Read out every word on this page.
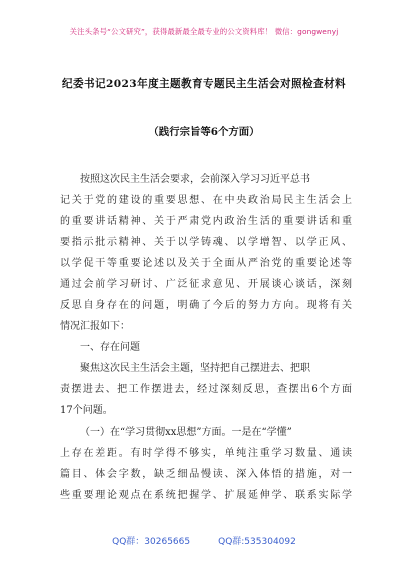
关注头条号“公文研究”，获得最新最全最专业的公文资料库！ 微信：gongwenyj
纪委书记2023年度主题教育专题民主生活会对照检查材料
（践行宗旨等6个方面）
按照这次民主生活会要求，会前深入学习习近平总书
记关于党的建设的重要思想、在中央政治局民主生活会上
的重要讲话精神、关于严肃党内政治生活的重要讲话和重
要指示批示精神、关于以学铸魂、以学增智、以学正风、
以学促干等重要论述以及关于全面从严治党的重要论述等
通过会前学习研讨、广泛征求意见、开展谈心谈话，深刻
反思自身存在的问题，明确了今后的努力方向。现将有关
情况汇报如下：
一、存在问题
聚焦这次民主生活会主题，坚持把自己摆进去、把职
责摆进去、把工作摆进去，经过深刻反思，查摆出6个方面
17个问题。
（一）在“学习贯彻xx思想”方面。一是在“学懂”
上存在差距。有时学得不够实，单纯注重学习数量、通读
篇目、体会字数，缺乏细品慢读、深入体悟的措施，对一
些重要理论观点在系统把握学、扩展延伸学、联系实际学
QQ群：30265665	QQ群:535304092
